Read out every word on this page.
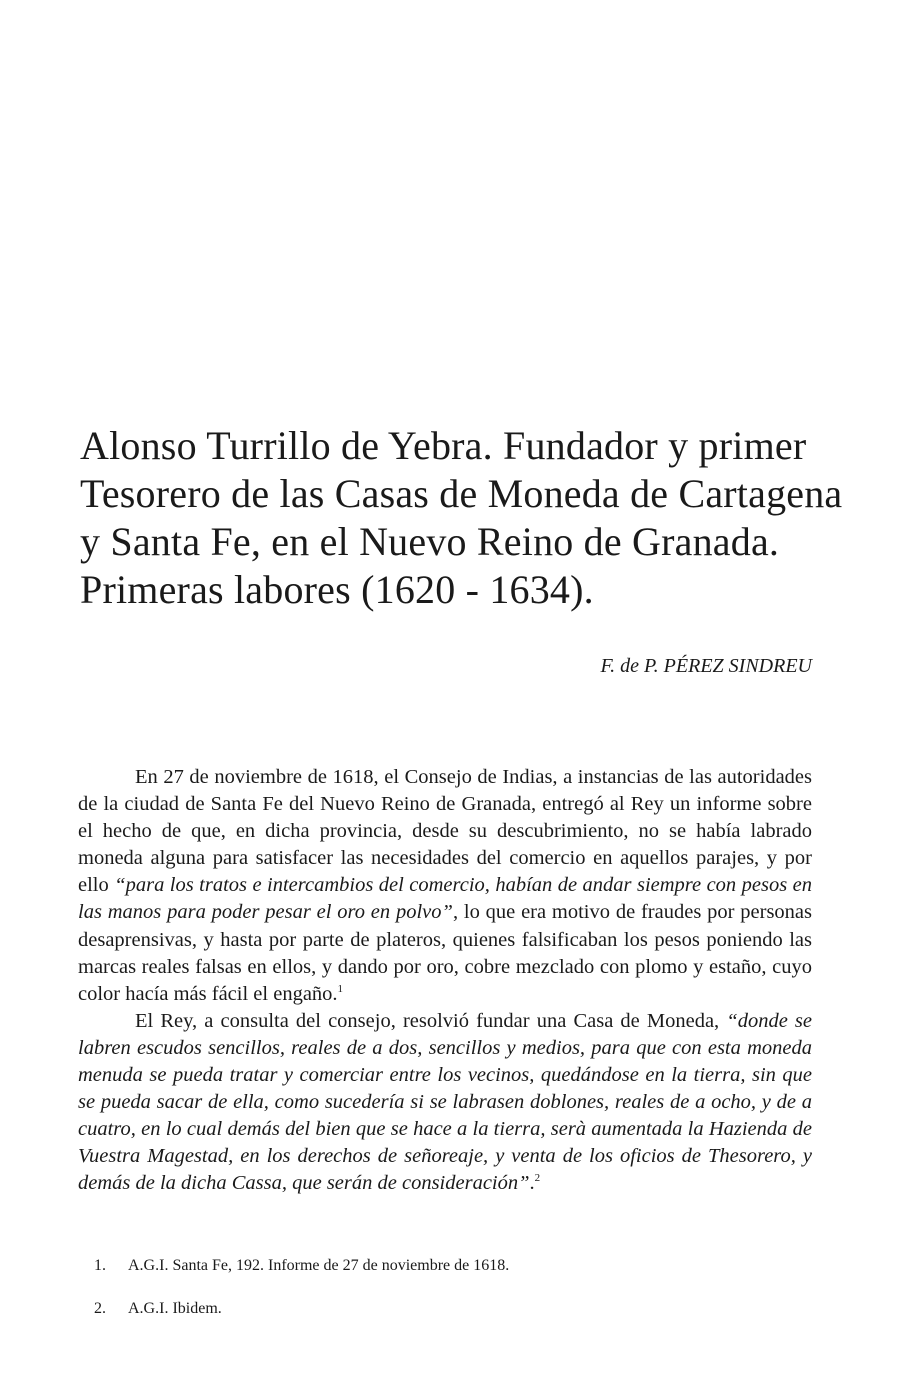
Alonso Turrillo de Yebra. Fundador y primer
Tesorero de las Casas de Moneda de Cartagena
y Santa Fe, en el Nuevo Reino de Granada.
Primeras labores (1620 - 1634).
F. de P. PÉREZ SINDREU

En 27 de noviembre de 1618, el Consejo de Indias, a instancias de las autoridades de la ciudad de Santa Fe del Nuevo Reino de Granada, entregó al Rey un informe sobre el hecho de que, en dicha provincia, desde su descubrimiento, no se había labrado moneda alguna para satisfacer las necesidades del comercio en aquellos parajes, y por ello “para los tratos e intercambios del comercio, habían de andar siempre con pesos en las manos para poder pesar el oro en polvo”, lo que era motivo de fraudes por personas desaprensivas, y hasta por parte de plateros, quienes falsificaban los pesos poniendo las marcas reales falsas en ellos, y dando por oro, cobre mezclado con plomo y estaño, cuyo color hacía más fácil el engaño.$^1$

El Rey, a consulta del consejo, resolvió fundar una Casa de Moneda, “donde se labren escudos sencillos, reales de a dos, sencillos y medios, para que con esta moneda menuda se pueda tratar y comerciar entre los vecinos, quedándose en la tierra, sin que se pueda sacar de ella, como sucedería si se labrasen doblones, reales de a ocho, y de a cuatro, en lo cual demás del bien que se hace a la tierra, serà aumentada la Hazienda de Vuestra Magestad, en los derechos de señoreaje, y venta de los oficios de Thesorero, y demás de la dicha Cassa, que serán de consideración”.$^2$

1. A.G.I. Santa Fe, 192. Informe de 27 de noviembre de 1618.
2. A.G.I. Ibidem.
